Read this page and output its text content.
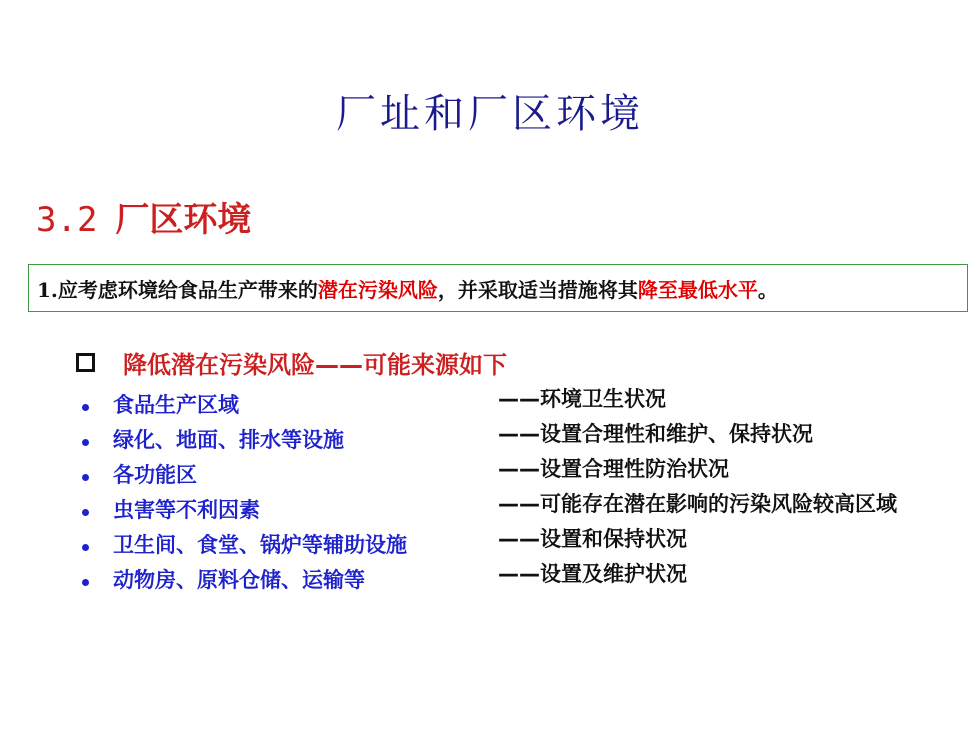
厂址和厂区环境
3.2 厂区环境
1.应考虑环境给食品生产带来的 潜在污染风险 ，并采取适当措施将其 降至最低水平 。
降低潜在污染风险——可能来源如下
食品生产区域
绿化、地面、排水等设施
各功能区
虫害等不利因素
卫生间、食堂、锅炉等辅助设施
动物房、原料仓储、运输等
——环境卫生状况
——设置合理性和维护、保持状况
——设置合理性防治状况
——可能存在潜在影响的污染风险较高区域
——设置和保持状况
——设置及维护状况
